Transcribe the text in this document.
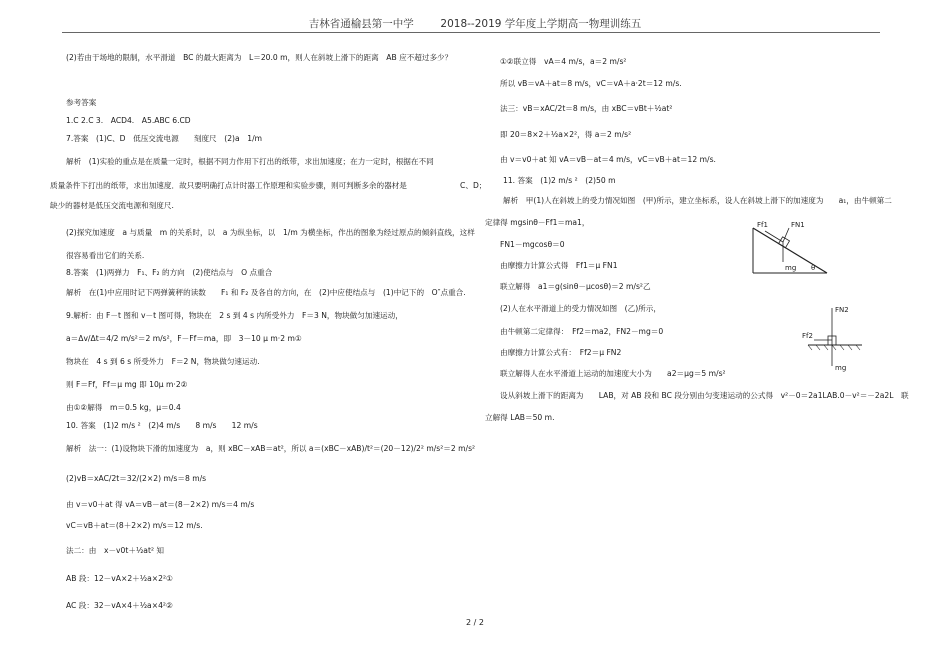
吉林省通榆县第一中学	2018--2019 学年度上学期高一物理训练五
(2)若由于场地的限制，水平滑道　BC 的最大距离为　L＝20.0 m，则人在斜坡上滑下的距离　AB 应不超过多少？
参考答案
1.C 2.C 3.　ACD4.　A5.ABC 6.CD
7.答案　(1)C、D　低压交流电源　　刻度尺　(2)a　1/m
解析　(1)实验的重点是在质量一定时，根据不同力作用下打出的纸带，求出加速度；在力一定时，根据在不同
质量条件下打出的纸带，求出加速度．故只要明确打点计时器工作原理和实验步骤，则可判断多余的器材是　　　　　　　C、D；
缺少的器材是低压交流电源和刻度尺.
(2)探究加速度　a 与质量　m 的关系时，以　a 为纵坐标，以　1/m 为横坐标，作出的图象为经过原点的倾斜直线，这样
很容易看出它们的关系.
8.答案　(1)两弹力　F₁、F₂ 的方向　(2)使结点与　O 点重合
解析　在(1)中应用时记下两弹簧秤的读数　　F₁ 和 F₂ 及各自的方向，在　(2)中应使结点与　(1)中记下的　O″点重合.
9.解析：由 F－t 图和 v－t 图可得，物块在　2 s 到 4 s 内所受外力　F＝3 N，物块做匀加速运动，
a＝Δv/Δt＝4/2 m/s²＝2 m/s²，F－Ff＝ma，即　3－10 μ m·2 m①
物块在　4 s 到 6 s 所受外力　F＝2 N，物块做匀速运动.
则 F＝Ff，Ff＝μ mg 即 10μ m·2②
由①②解得　m＝0.5 kg，μ＝0.4
10. 答案　(1)2 m/s ²　(2)4 m/s　　8 m/s　　12 m/s
解析　法一：(1)设物块下滑的加速度为　a，则 xBC－xAB＝at²，所以 a＝(xBC－xAB)/t²＝(20－12)/2² m/s²＝2 m/s²
(2)vB＝xAC/2t＝32/(2×2) m/s＝8 m/s
由 v＝v0＋at 得 vA＝vB－at＝(8－2×2) m/s＝4 m/s
vC＝vB＋at＝(8＋2×2) m/s＝12 m/s.
法二：由　x－v0t＋½at² 知
AB 段：12－vA×2＋½a×2²①
AC 段：32－vA×4＋½a×4²②
①②联立得　vA＝4 m/s，a＝2 m/s²
所以 vB＝vA＋at＝8 m/s，vC＝vA＋a·2t＝12 m/s.
法三：vB＝xAC/2t＝8 m/s，由 xBC＝vBt＋½at²
即 20＝8×2＋½a×2²，得 a＝2 m/s²
由 v＝v0＋at 知 vA＝vB－at＝4 m/s，vC＝vB＋at＝12 m/s.
11. 答案　(1)2 m/s ²　(2)50 m
解析　甲(1)人在斜坡上的受力情况如图　(甲)所示，建立坐标系，设人在斜坡上滑下的加速度为　　a₁，由牛顿第二
定律得 mgsinθ－Ff1＝ma1，
FN1－mgcosθ＝0
由摩擦力计算公式得　Ff1＝μ FN1
联立解得　a1＝g(sinθ－μcosθ)＝2 m/s²乙
(2)人在水平滑道上的受力情况如图　(乙)所示，
由牛顿第二定律得：　Ff2＝ma2，FN2－mg＝0
由摩擦力计算公式有：　Ff2＝μ FN2
联立解得人在水平滑道上运动的加速度大小为　　a2＝μg＝5 m/s²
设从斜坡上滑下的距离为　　LAB，对 AB 段和 BC 段分别由匀变速运动的公式得　v²－0＝2a1LAB.0－v²＝－2a2L　联
立解得 LAB＝50 m.
Ff1	FN1
mg θ
FN2
Ff2
mg
2 / 2
